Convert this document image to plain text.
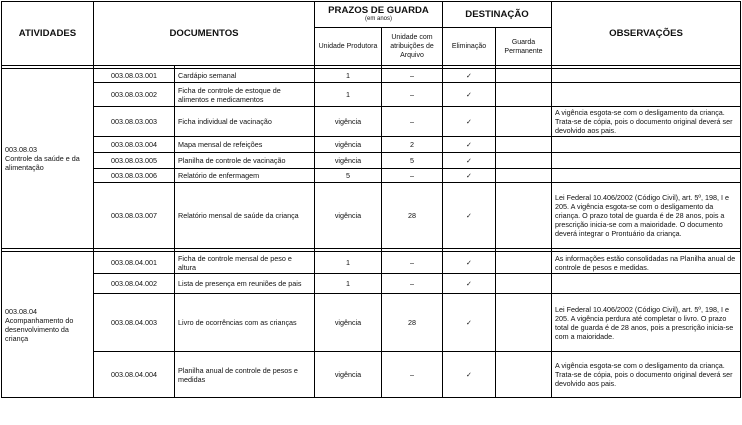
ATIVIDADES	DOCUMENTOS		PRAZOS DE GUARDA
(em anos)		DESTINAÇÃO		OBSERVAÇÕES
			Unidade Produtora	Unidade com atribuições de Arquivo	Eliminação	Guarda Permanente	

003.08.03
Controle da saúde e da alimentação	003.08.03.001	Cardápio semanal	1	–	✓		
	003.08.03.002	Ficha de controle de estoque de alimentos e medicamentos	1	–	✓		
	003.08.03.003	Ficha individual de vacinação	vigência	–	✓		A vigência esgota-se com o desligamento da criança. Trata-se de cópia, pois o documento original deverá ser devolvido aos pais.
	003.08.03.004	Mapa mensal de refeições	vigência	2	✓		
	003.08.03.005	Planilha de controle de vacinação	vigência	5	✓		
	003.08.03.006	Relatório de enfermagem	5	–	✓		
	003.08.03.007	Relatório mensal de saúde da criança	vigência	28	✓		Lei Federal 10.406/2002 (Código Civil), art. 5º, 198, I e 205. A vigência esgota-se com o desligamento da criança. O prazo total de guarda é de 28 anos, pois a prescrição inicia-se com a maioridade. O documento deverá integrar o Prontuário da criança.

003.08.04
Acompanhamento do desenvolvimento da criança	003.08.04.001	Ficha de controle mensal de peso e altura	1	–	✓		As informações estão consolidadas na Planilha anual de controle de pesos e medidas.
	003.08.04.002	Lista de presença em reuniões de pais	1	–	✓		
	003.08.04.003	Livro de ocorrências com as crianças	vigência	28	✓		Lei Federal 10.406/2002 (Código Civil), art. 5º, 198, I e 205. A vigência perdura até completar o livro. O prazo total de guarda é de 28 anos, pois a prescrição inicia-se com a maioridade.
	003.08.04.004	Planilha anual de controle de pesos e medidas	vigência	–	✓		A vigência esgota-se com o desligamento da criança. Trata-se de cópia, pois o documento original deverá ser devolvido aos pais.
